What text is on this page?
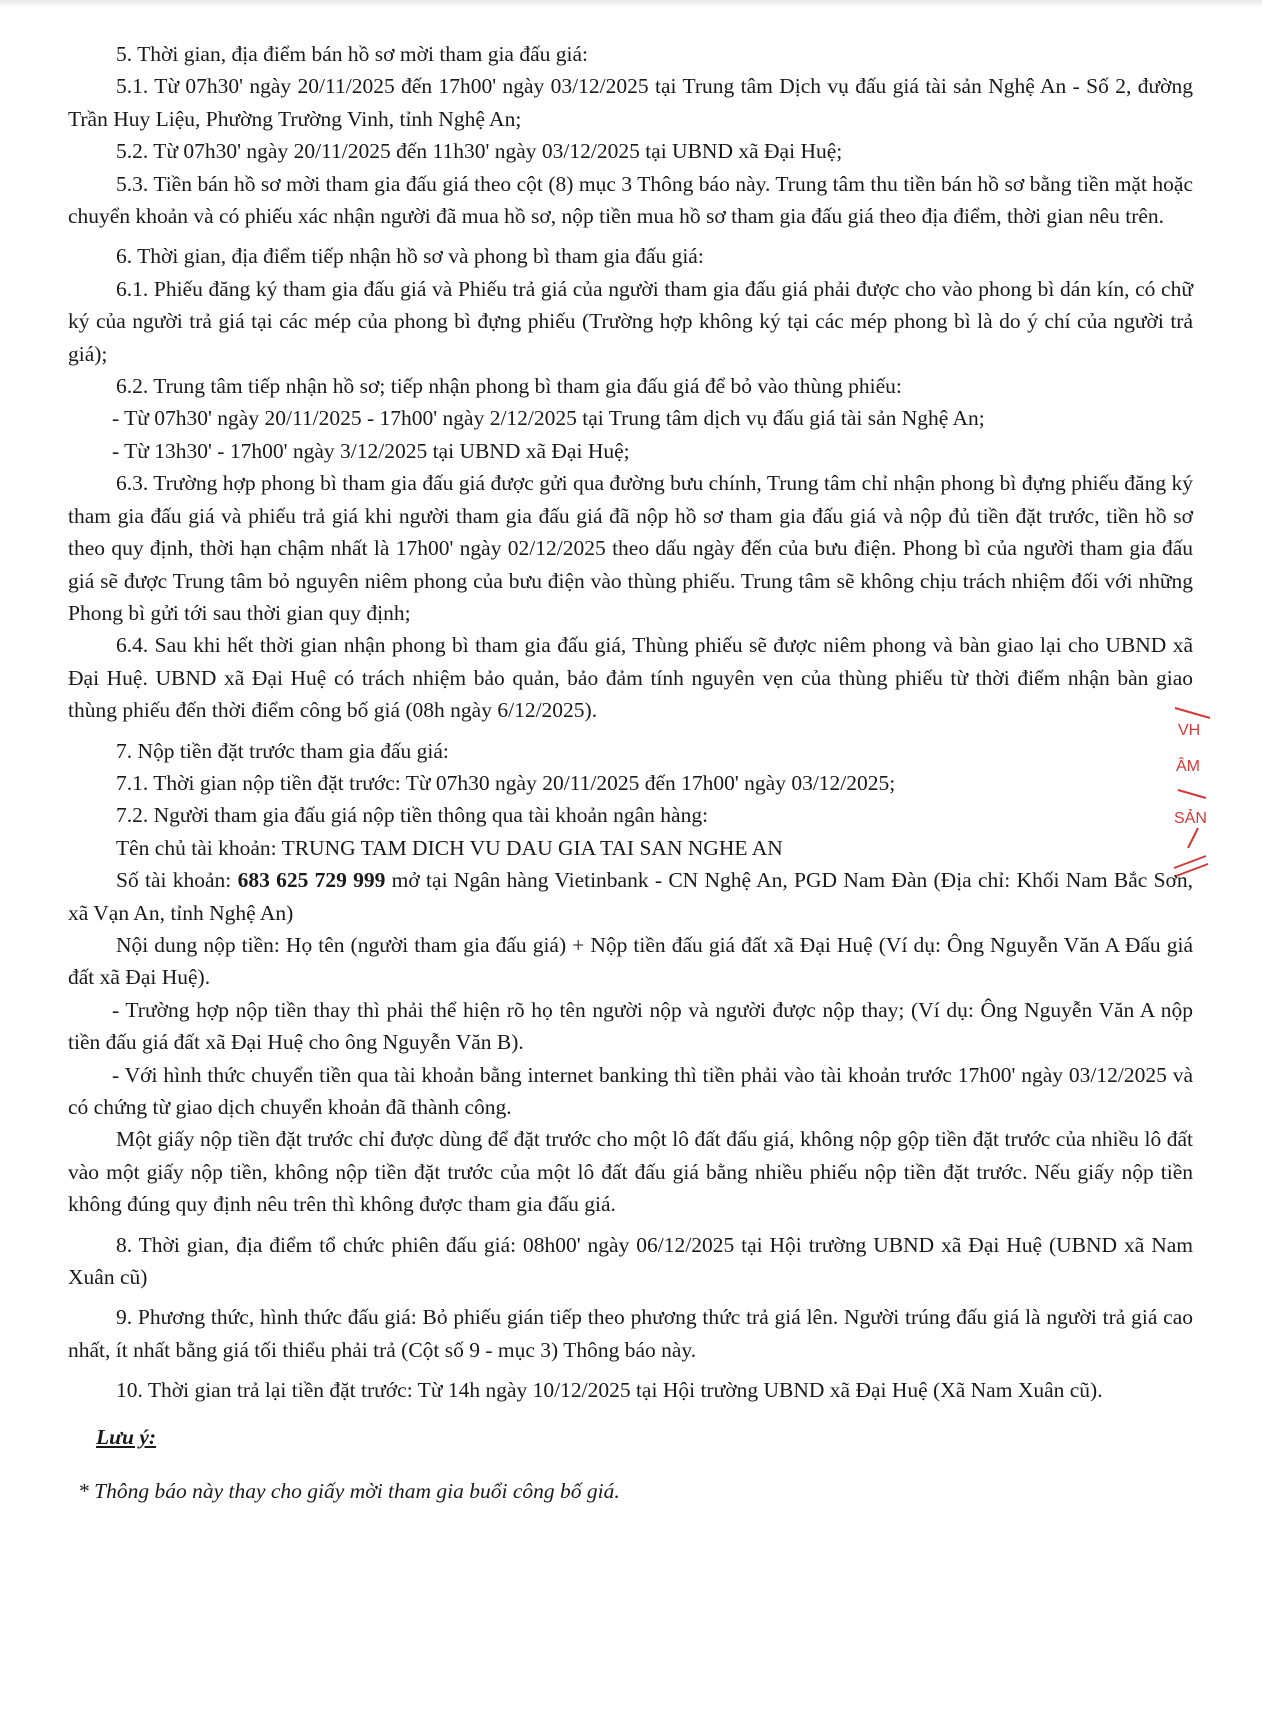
5. Thời gian, địa điểm bán hồ sơ mời tham gia đấu giá:

5.1. Từ 07h30' ngày 20/11/2025 đến 17h00' ngày 03/12/2025 tại Trung tâm Dịch vụ đấu giá tài sản Nghệ An - Số 2, đường Trần Huy Liệu, Phường Trường Vinh, tỉnh Nghệ An;

5.2. Từ 07h30' ngày 20/11/2025 đến 11h30' ngày 03/12/2025 tại UBND xã Đại Huệ;

5.3. Tiền bán hồ sơ mời tham gia đấu giá theo cột (8) mục 3 Thông báo này. Trung tâm thu tiền bán hồ sơ bằng tiền mặt hoặc chuyển khoản và có phiếu xác nhận người đã mua hồ sơ, nộp tiền mua hồ sơ tham gia đấu giá theo địa điểm, thời gian nêu trên.

6. Thời gian, địa điểm tiếp nhận hồ sơ và phong bì tham gia đấu giá:

6.1. Phiếu đăng ký tham gia đấu giá và Phiếu trả giá của người tham gia đấu giá phải được cho vào phong bì dán kín, có chữ ký của người trả giá tại các mép của phong bì đựng phiếu (Trường hợp không ký tại các mép phong bì là do ý chí của người trả giá);

6.2. Trung tâm tiếp nhận hồ sơ; tiếp nhận phong bì tham gia đấu giá để bỏ vào thùng phiếu:

- Từ 07h30' ngày 20/11/2025 - 17h00' ngày 2/12/2025 tại Trung tâm dịch vụ đấu giá tài sản Nghệ An;

- Từ 13h30' - 17h00' ngày 3/12/2025 tại UBND xã Đại Huệ;

6.3. Trường hợp phong bì tham gia đấu giá được gửi qua đường bưu chính, Trung tâm chỉ nhận phong bì đựng phiếu đăng ký tham gia đấu giá và phiếu trả giá khi người tham gia đấu giá đã nộp hồ sơ tham gia đấu giá và nộp đủ tiền đặt trước, tiền hồ sơ theo quy định, thời hạn chậm nhất là 17h00' ngày 02/12/2025 theo dấu ngày đến của bưu điện. Phong bì của người tham gia đấu giá sẽ được Trung tâm bỏ nguyên niêm phong của bưu điện vào thùng phiếu. Trung tâm sẽ không chịu trách nhiệm đối với những Phong bì gửi tới sau thời gian quy định;

6.4. Sau khi hết thời gian nhận phong bì tham gia đấu giá, Thùng phiếu sẽ được niêm phong và bàn giao lại cho UBND xã Đại Huệ. UBND xã Đại Huệ có trách nhiệm bảo quản, bảo đảm tính nguyên vẹn của thùng phiếu từ thời điểm nhận bàn giao thùng phiếu đến thời điểm công bố giá (08h ngày 6/12/2025).

7. Nộp tiền đặt trước tham gia đấu giá:

7.1. Thời gian nộp tiền đặt trước: Từ 07h30 ngày 20/11/2025 đến 17h00' ngày 03/12/2025;

7.2. Người tham gia đấu giá nộp tiền thông qua tài khoản ngân hàng:

Tên chủ tài khoản: TRUNG TAM DICH VU DAU GIA TAI SAN NGHE AN

Số tài khoản: 683 625 729 999 mở tại Ngân hàng Vietinbank - CN Nghệ An, PGD Nam Đàn (Địa chỉ: Khối Nam Bắc Sơn, xã Vạn An, tỉnh Nghệ An)

Nội dung nộp tiền: Họ tên (người tham gia đấu giá) + Nộp tiền đấu giá đất xã Đại Huệ (Ví dụ: Ông Nguyễn Văn A Đấu giá đất xã Đại Huệ).

- Trường hợp nộp tiền thay thì phải thể hiện rõ họ tên người nộp và người được nộp thay; (Ví dụ: Ông Nguyễn Văn A nộp tiền đấu giá đất xã Đại Huệ cho ông Nguyễn Văn B).

- Với hình thức chuyển tiền qua tài khoản bằng internet banking thì tiền phải vào tài khoản trước 17h00' ngày 03/12/2025 và có chứng từ giao dịch chuyển khoản đã thành công.

Một giấy nộp tiền đặt trước chỉ được dùng để đặt trước cho một lô đất đấu giá, không nộp gộp tiền đặt trước của nhiều lô đất vào một giấy nộp tiền, không nộp tiền đặt trước của một lô đất đấu giá bằng nhiều phiếu nộp tiền đặt trước. Nếu giấy nộp tiền không đúng quy định nêu trên thì không được tham gia đấu giá.

8. Thời gian, địa điểm tổ chức phiên đấu giá: 08h00' ngày 06/12/2025 tại Hội trường UBND xã Đại Huệ (UBND xã Nam Xuân cũ)

9. Phương thức, hình thức đấu giá: Bỏ phiếu gián tiếp theo phương thức trả giá lên. Người trúng đấu giá là người trả giá cao nhất, ít nhất bằng giá tối thiểu phải trả (Cột số 9 - mục 3) Thông báo này.

10. Thời gian trả lại tiền đặt trước: Từ 14h ngày 10/12/2025 tại Hội trường UBND xã Đại Huệ (Xã Nam Xuân cũ).

Lưu ý:

* Thông báo này thay cho giấy mời tham gia buổi công bố giá.

VH
ÂM
SẢN
